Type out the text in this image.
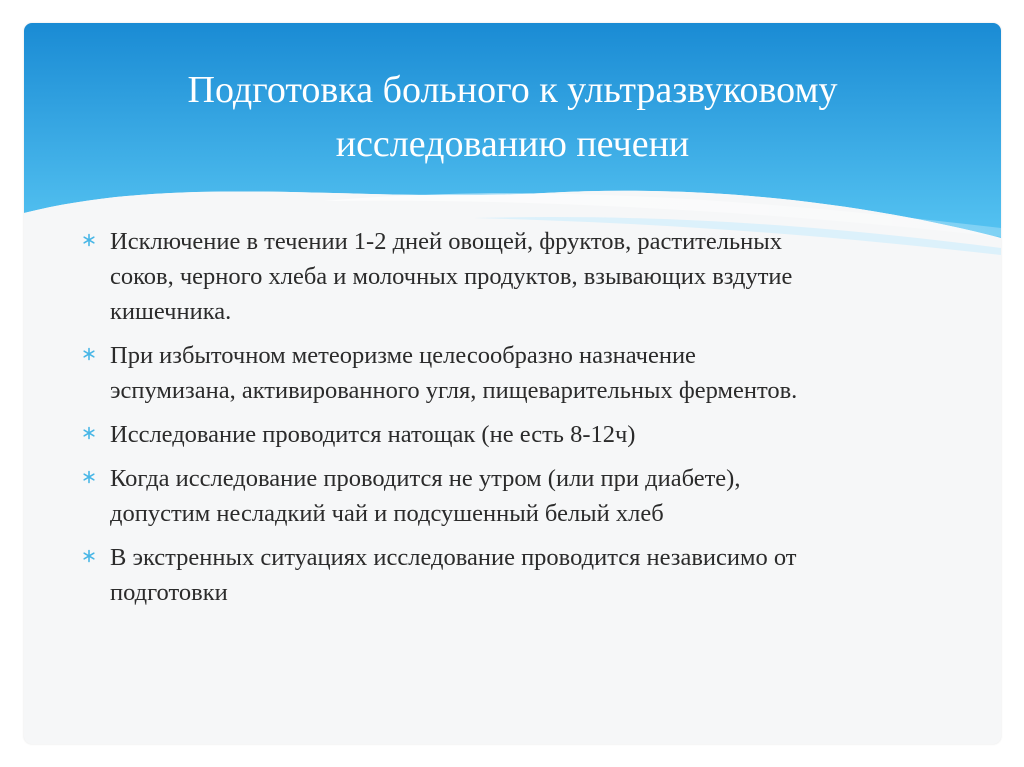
Подготовка больного к ультразвуковому
исследованию печени
Исключение в течении 1-2 дней овощей, фруктов, растительных
соков, черного хлеба и молочных продуктов, взывающих вздутие
кишечника.
При избыточном метеоризме целесообразно назначение
эспумизана, активированного угля, пищеварительных ферментов.
Исследование проводится натощак (не есть 8-12ч)
Когда исследование проводится не утром (или при диабете),
допустим несладкий чай и подсушенный белый хлеб
В экстренных ситуациях исследование проводится независимо от
подготовки
